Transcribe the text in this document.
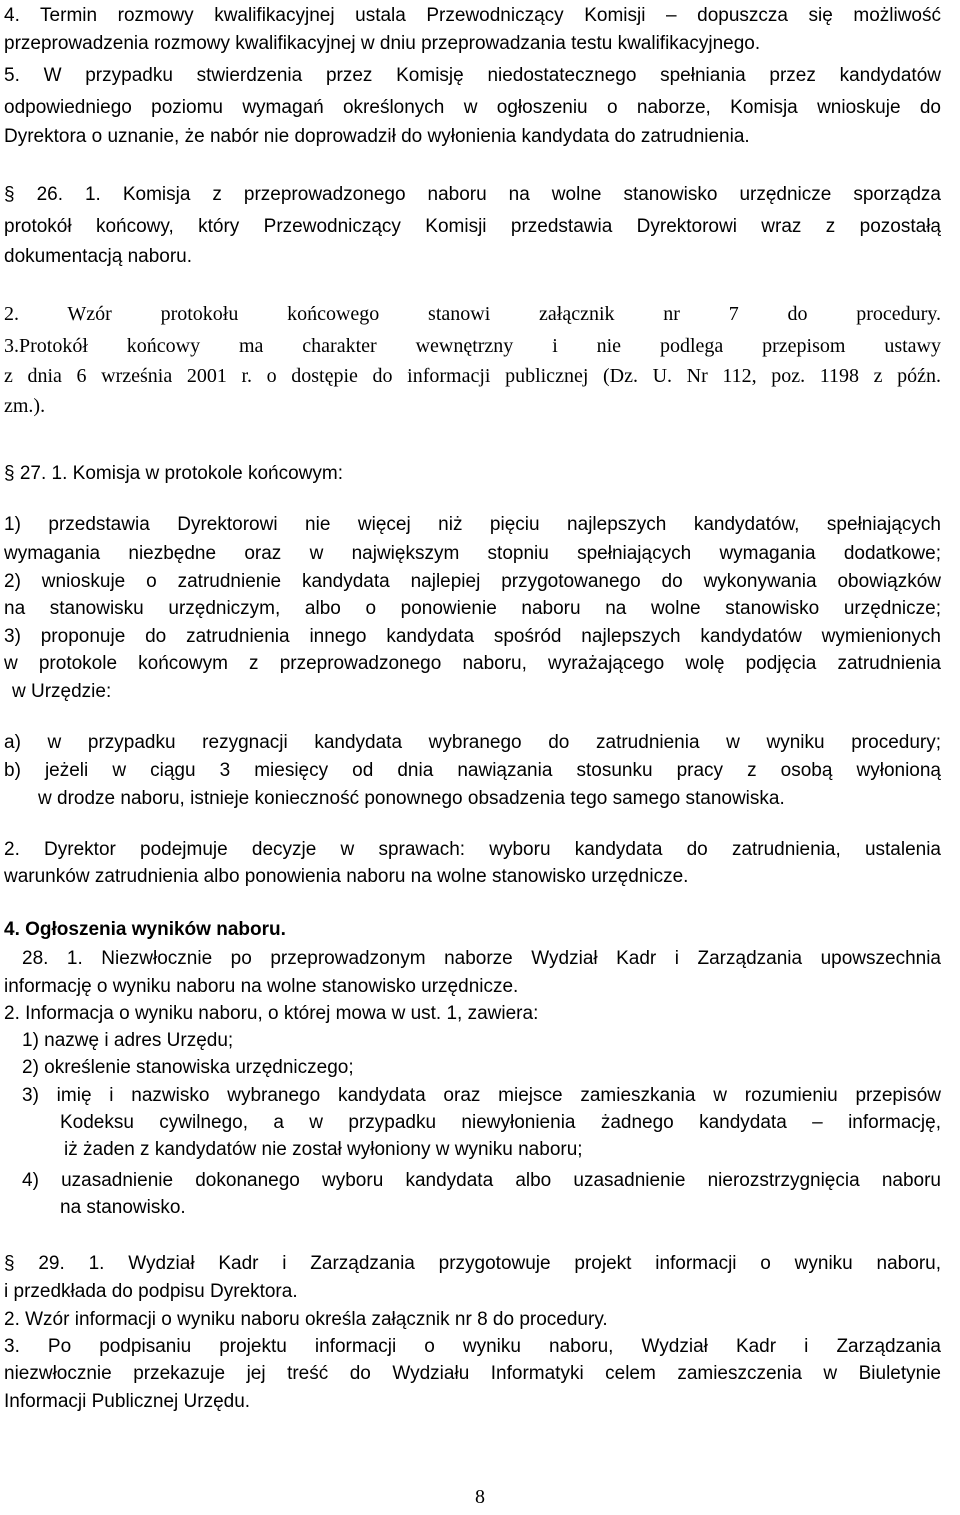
4. Termin rozmowy kwalifikacyjnej ustala Przewodniczący Komisji – dopuszcza się możliwość
przeprowadzenia rozmowy kwalifikacyjnej w dniu przeprowadzania testu kwalifikacyjnego.
5. W przypadku stwierdzenia przez Komisję niedostatecznego spełniania przez kandydatów
odpowiedniego poziomu wymagań określonych w ogłoszeniu o naborze, Komisja wnioskuje do
Dyrektora o uznanie, że nabór nie doprowadził do wyłonienia kandydata do zatrudnienia.
§ 26. 1. Komisja z przeprowadzonego naboru na wolne stanowisko urzędnicze sporządza
protokół końcowy, który Przewodniczący Komisji przedstawia Dyrektorowi wraz z pozostałą
dokumentacją naboru.
2. Wzór protokołu końcowego stanowi załącznik nr 7 do procedury.
3.Protokół końcowy ma charakter wewnętrzny i nie podlega przepisom ustawy
z dnia 6 września 2001 r. o dostępie do informacji publicznej (Dz. U. Nr 112, poz. 1198 z późn.
zm.).
§ 27. 1. Komisja w protokole końcowym:
1) przedstawia Dyrektorowi nie więcej niż pięciu najlepszych kandydatów, spełniających
wymagania niezbędne oraz w największym stopniu spełniających wymagania dodatkowe;
2) wnioskuje o zatrudnienie kandydata najlepiej przygotowanego do wykonywania obowiązków
na stanowisku urzędniczym, albo o ponowienie naboru na wolne stanowisko urzędnicze;
3) proponuje do zatrudnienia innego kandydata spośród najlepszych kandydatów wymienionych
w protokole końcowym z przeprowadzonego naboru, wyrażającego wolę podjęcia zatrudnienia
w Urzędzie:
a) w przypadku rezygnacji kandydata wybranego do zatrudnienia w wyniku procedury;
b) jeżeli w ciągu 3 miesięcy od dnia nawiązania stosunku pracy z osobą wyłonioną
w drodze naboru, istnieje konieczność ponownego obsadzenia tego samego stanowiska.
2. Dyrektor podejmuje decyzje w sprawach: wyboru kandydata do zatrudnienia, ustalenia
warunków zatrudnienia albo ponowienia naboru na wolne stanowisko urzędnicze.
4. Ogłoszenia wyników naboru.
28. 1. Niezwłocznie po przeprowadzonym naborze Wydział Kadr i Zarządzania upowszechnia
informację o wyniku naboru na wolne stanowisko urzędnicze.
2. Informacja o wyniku naboru, o której mowa w ust. 1, zawiera:
1) nazwę i adres Urzędu;
2) określenie stanowiska urzędniczego;
3) imię i nazwisko wybranego kandydata oraz miejsce zamieszkania w rozumieniu przepisów
Kodeksu cywilnego, a w przypadku niewyłonienia żadnego kandydata – informację,
iż żaden z kandydatów nie został wyłoniony w wyniku naboru;
4) uzasadnienie dokonanego wyboru kandydata albo uzasadnienie nierozstrzygnięcia naboru
na stanowisko.
§ 29. 1. Wydział Kadr i Zarządzania przygotowuje projekt informacji o wyniku naboru,
i przedkłada do podpisu Dyrektora.
2. Wzór informacji o wyniku naboru określa załącznik nr 8 do procedury.
3. Po podpisaniu projektu informacji o wyniku naboru, Wydział Kadr i Zarządzania
niezwłocznie przekazuje jej treść do Wydziału Informatyki celem zamieszczenia w Biuletynie
Informacji Publicznej Urzędu.
8
